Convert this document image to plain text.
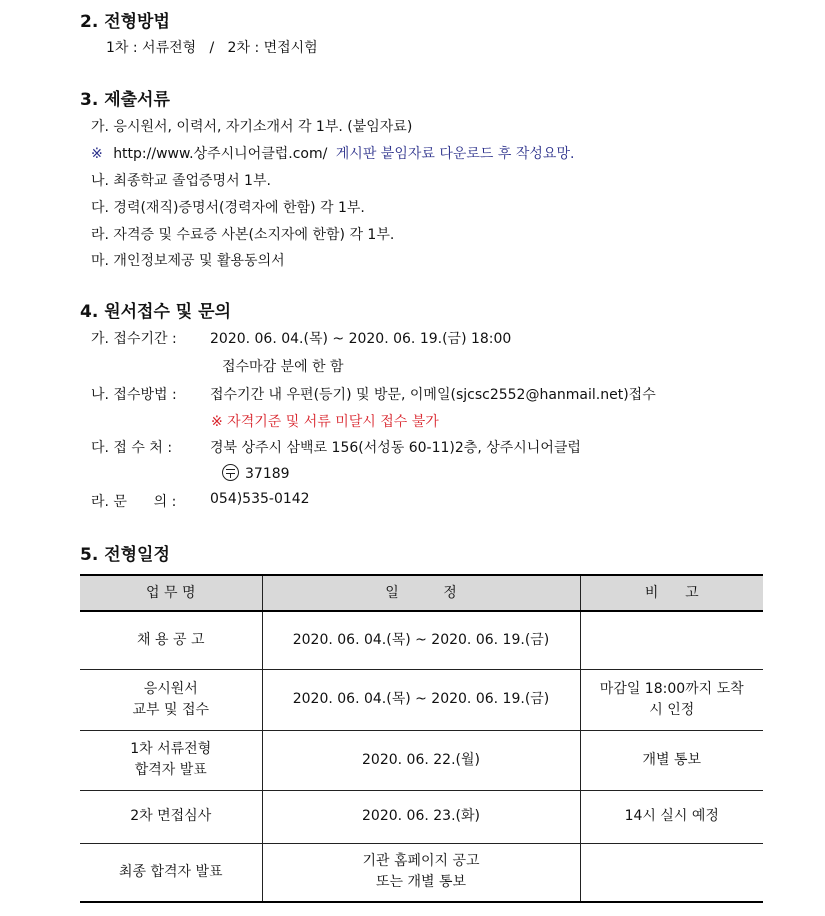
2. 전형방법
1차 : 서류전형   /   2차 : 면접시험
3. 제출서류
가. 응시원서, 이력서, 자기소개서 각 1부. (붙임자료)
※ http://www.상주시니어클럽.com/ 게시판 붙임자료 다운로드 후 작성요망.
나. 최종학교 졸업증명서 1부.
다. 경력(재직)증명서(경력자에 한함) 각 1부.
라. 자격증 및 수료증 사본(소지자에 한함) 각 1부.
마. 개인정보제공 및 활용동의서
4. 원서접수 및 문의
가. 접수기간 : 2020. 06. 04.(목) ~ 2020. 06. 19.(금) 18:00
접수마감 분에 한 함
나. 접수방법 : 접수기간 내 우편(등기) 및 방문, 이메일(sjcsc2552@hanmail.net)접수
※ 자격기준 및 서류 미달시 접수 불가
다. 접 수 처 :	경북 상주시 삼백로 156(서성동 60-11)2층, 상주시니어클럽
37189
라. 문      의 : 054)535-0142
5. 전형일정
업 무 명	일          정	비      고
채 용 공 고	2020. 06. 04.(목) ~ 2020. 06. 19.(금)	
응시원서
교부 및 접수	2020. 06. 04.(목) ~ 2020. 06. 19.(금)	마감일 18:00까지 도착
시 인정
1차 서류전형
합격자 발표	2020. 06. 22.(월)	개별 통보
2차 면접심사	2020. 06. 23.(화)	14시 실시 예정
최종 합격자 발표	기관 홈페이지 공고
또는 개별 통보	
